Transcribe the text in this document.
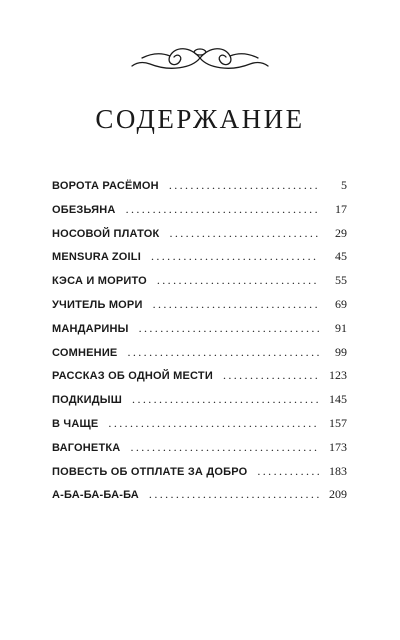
СОДЕРЖАНИЕ
ВОРОТА РАСЁМОН . . .	5
ОБЕЗЬЯНА . . .	17
НОСОВОЙ ПЛАТОК . . .	29
MENSURA ZOILI . . .	45
КЭСА И МОРИТО . . .	55
УЧИТЕЛЬ МОРИ . . .	69
МАНДАРИНЫ . . .	91
СОМНЕНИЕ . . .	99
РАССКАЗ ОБ ОДНОЙ МЕСТИ . . .	123
ПОДКИДЫШ . . .	145
В ЧАЩЕ . . .	157
ВАГОНЕТКА . . .	173
ПОВЕСТЬ ОБ ОТПЛАТЕ ЗА ДОБРО . . .	183
А-БА-БА-БА-БА . . .	209
